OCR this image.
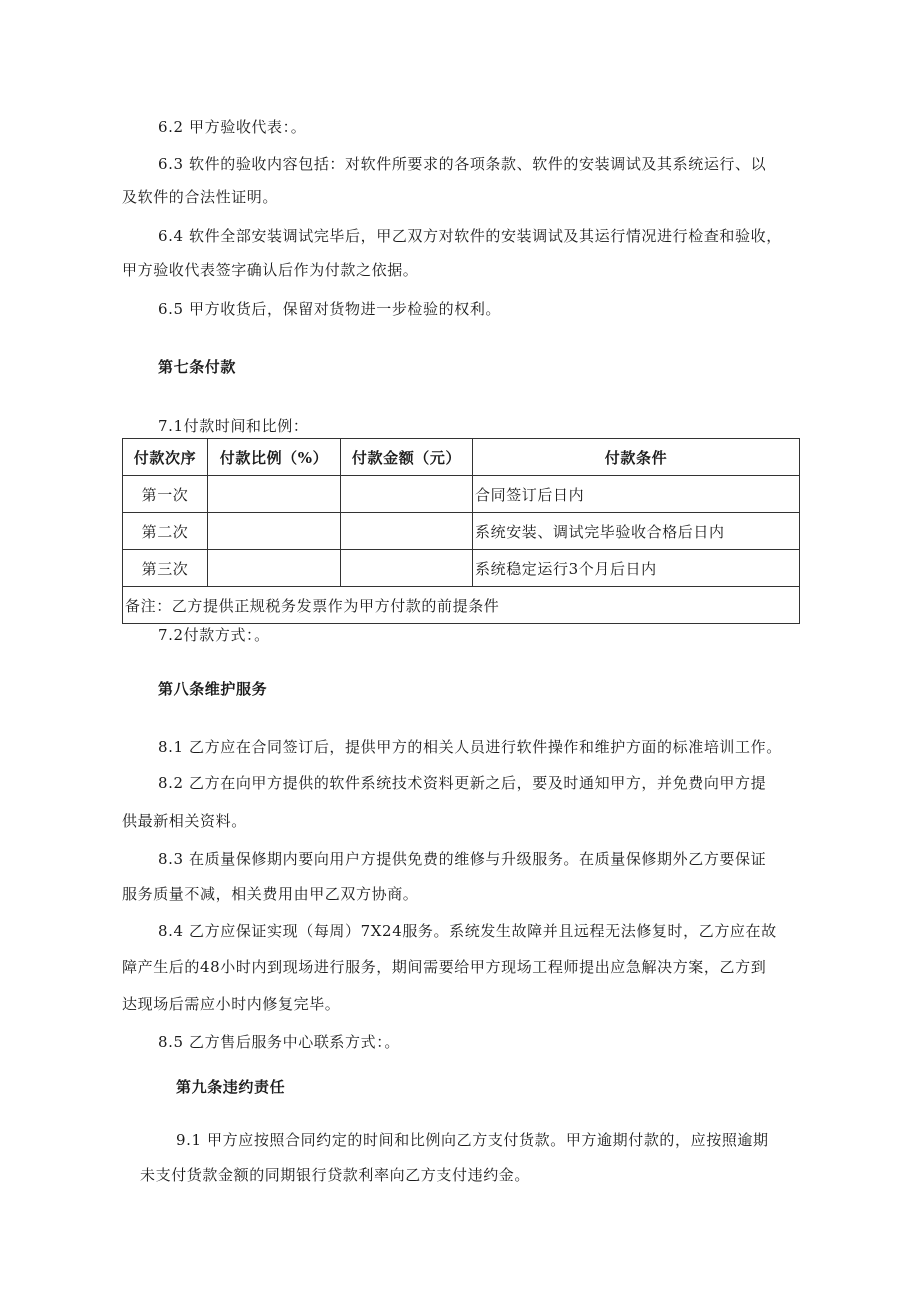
6.2 甲方验收代表：。
6.3 软件的验收内容包括：对软件所要求的各项条款、软件的安装调试及其系统运行、以
及软件的合法性证明。
6.4 软件全部安装调试完毕后，甲乙双方对软件的安装调试及其运行情况进行检查和验收，
甲方验收代表签字确认后作为付款之依据。
6.5 甲方收货后，保留对货物进一步检验的权利。
第七条付款
7.1付款时间和比例：
付款次序	付款比例（%）	付款金额（元）	付款条件
第一次			合同签订后日内
第二次			系统安装、调试完毕验收合格后日内
第三次			系统稳定运行3个月后日内
备注：乙方提供正规税务发票作为甲方付款的前提条件			
7.2付款方式：。
第八条维护服务
8.1 乙方应在合同签订后，提供甲方的相关人员进行软件操作和维护方面的标准培训工作。
8.2 乙方在向甲方提供的软件系统技术资料更新之后，要及时通知甲方，并免费向甲方提
供最新相关资料。
8.3 在质量保修期内要向用户方提供免费的维修与升级服务。在质量保修期外乙方要保证
服务质量不减，相关费用由甲乙双方协商。
8.4 乙方应保证实现（每周）7X24服务。系统发生故障并且远程无法修复时，乙方应在故
障产生后的48小时内到现场进行服务，期间需要给甲方现场工程师提出应急解决方案，乙方到
达现场后需应小时内修复完毕。
8.5 乙方售后服务中心联系方式：。
第九条违约责任
9.1 甲方应按照合同约定的时间和比例向乙方支付货款。甲方逾期付款的，应按照逾期
未支付货款金额的同期银行贷款利率向乙方支付违约金。
